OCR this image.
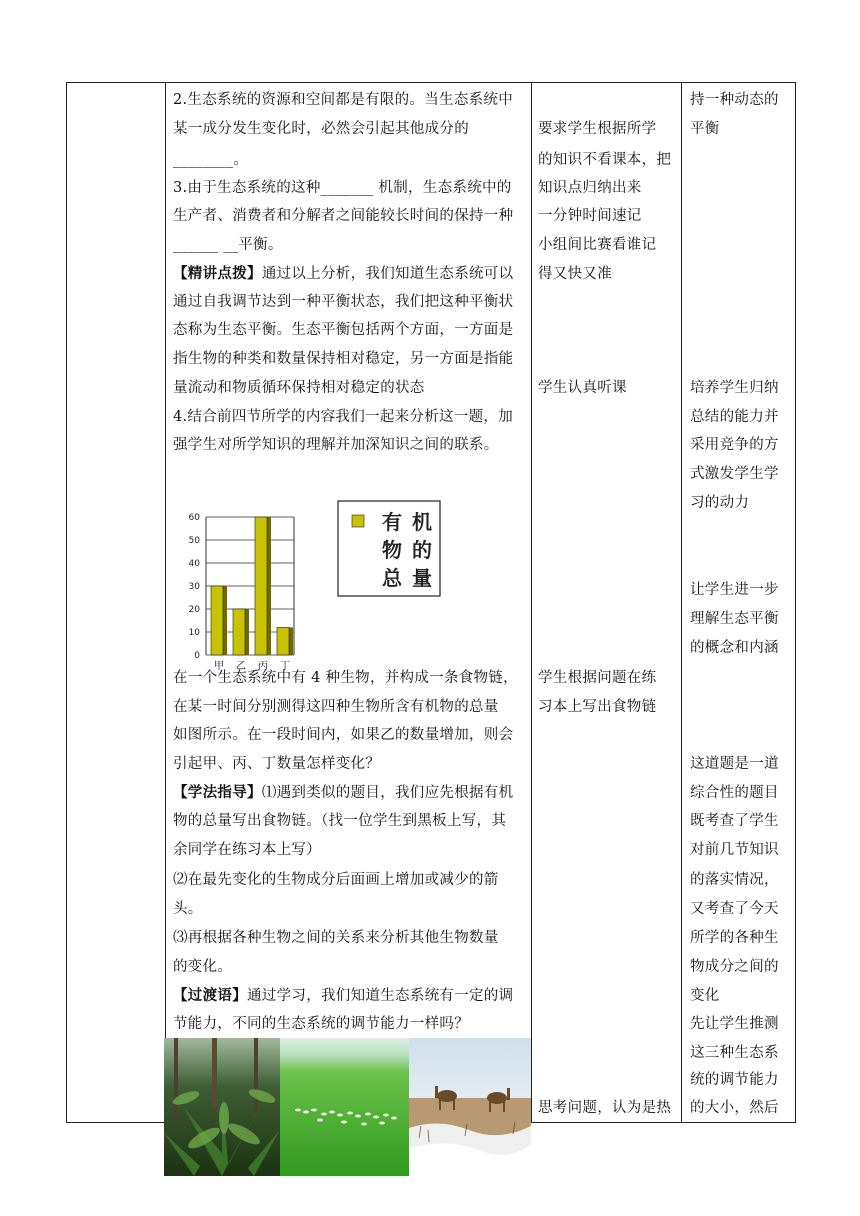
2.生态系统的资源和空间都是有限的。当生态系统中
某一成分发生变化时，必然会引起其他成分的
________。
3.由于生态系统的这种_______ 机制，生态系统中的
生产者、消费者和分解者之间能较长时间的保持一种
______ __平衡。
【精讲点拨】通过以上分析，我们知道生态系统可以
通过自我调节达到一种平衡状态，我们把这种平衡状
态称为生态平衡。生态平衡包括两个方面，一方面是
指生物的种类和数量保持相对稳定，另一方面是指能
量流动和物质循环保持相对稳定的状态
4.结合前四节所学的内容我们一起来分析这一题，加
强学生对所学知识的理解并加深知识之间的联系。
60
50
40
30
20
10
0
甲 乙 丙 丁
有 机
物 的
总 量
在一个生态系统中有 4 种生物，并构成一条食物链，
在某一时间分别测得这四种生物所含有机物的总量
如图所示。在一段时间内，如果乙的数量增加，则会
引起甲、丙、丁数量怎样变化？
【学法指导】⑴遇到类似的题目，我们应先根据有机
物的总量写出食物链。（找一位学生到黑板上写，其
余同学在练习本上写）
⑵在最先变化的生物成分后面画上增加或减少的箭
头。
⑶再根据各种生物之间的关系来分析其他生物数量
的变化。
【过渡语】通过学习，我们知道生态系统有一定的调
节能力，不同的生态系统的调节能力一样吗？
要求学生根据所学
的知识不看课本，把
知识点归纳出来
一分钟时间速记
小组间比赛看谁记
得又快又准
学生认真听课
学生根据问题在练
习本上写出食物链
思考问题，认为是热
持一种动态的
平衡
培养学生归纳
总结的能力并
采用竞争的方
式激发学生学
习的动力
让学生进一步
理解生态平衡
的概念和内涵
这道题是一道
综合性的题目
既考查了学生
对前几节知识
的落实情况，
又考查了今天
所学的各种生
物成分之间的
变化
先让学生推测
这三种生态系
统的调节能力
的大小，然后
